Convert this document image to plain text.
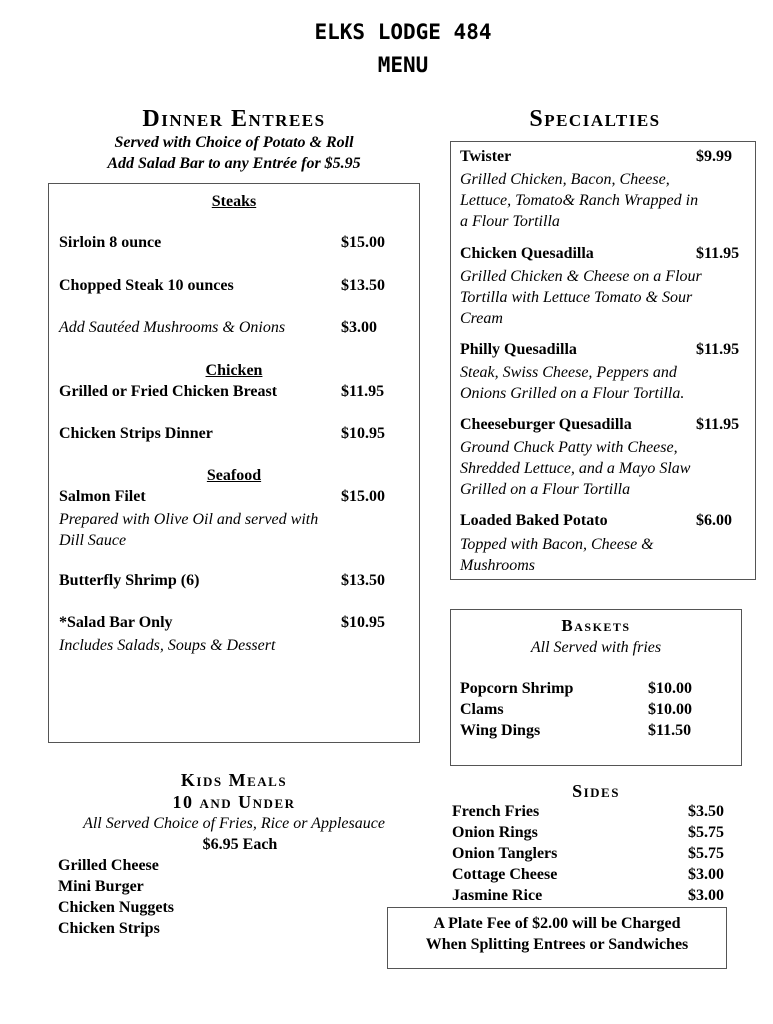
ELKS LODGE 484
MENU
Dinner Entrees
Served with Choice of Potato & Roll
Add Salad Bar to any Entrée for $5.95
Steaks
Sirloin 8 ounce	$15.00
Chopped Steak 10 ounces	$13.50
Add Sautéed Mushrooms & Onions	$3.00
Chicken
Grilled or Fried Chicken Breast	$11.95
Chicken Strips Dinner	$10.95
Seafood
Salmon Filet	$15.00
Prepared with Olive Oil and served with
Dill Sauce
Butterfly Shrimp (6)	$13.50
*Salad Bar Only	$10.95
Includes Salads, Soups & Dessert
Specialties
Twister	$9.99
Grilled Chicken, Bacon, Cheese,
Lettuce, Tomato& Ranch Wrapped in
a Flour Tortilla
Chicken Quesadilla	$11.95
Grilled Chicken & Cheese on a Flour
Tortilla with Lettuce Tomato & Sour
Cream
Philly Quesadilla	$11.95
Steak, Swiss Cheese, Peppers and
Onions Grilled on a Flour Tortilla.
Cheeseburger Quesadilla	$11.95
Ground Chuck Patty with Cheese,
Shredded Lettuce, and a Mayo Slaw
Grilled on a Flour Tortilla
Loaded Baked Potato	$6.00
Topped with Bacon, Cheese &
Mushrooms
Baskets
All Served with fries
Popcorn Shrimp	$10.00
Clams	$10.00
Wing Dings	$11.50
Kids Meals
10 and Under
All Served Choice of Fries, Rice or Applesauce
$6.95 Each
Grilled Cheese
Mini Burger
Chicken Nuggets
Chicken Strips
Sides
French Fries	$3.50
Onion Rings	$5.75
Onion Tanglers	$5.75
Cottage Cheese	$3.00
Jasmine Rice	$3.00
A Plate Fee of $2.00 will be Charged
When Splitting Entrees or Sandwiches
